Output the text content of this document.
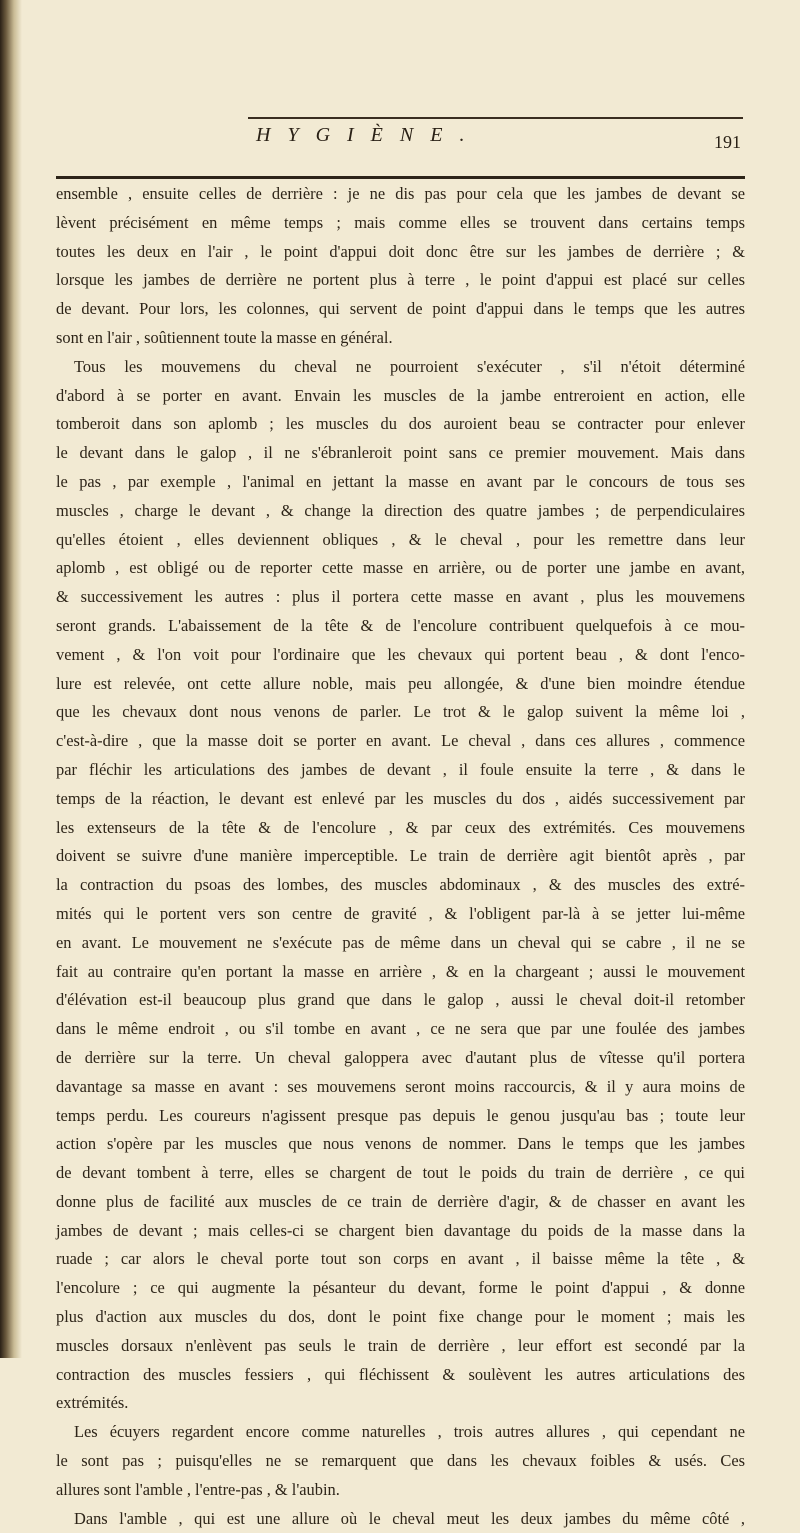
HYGIÈNE.	191
ensemble , ensuite celles de derrière : je ne dis pas pour cela que les jambes de devant se
lèvent précisément en même temps ; mais comme elles se trouvent dans certains temps
toutes les deux en l'air , le point d'appui doit donc être sur les jambes de derrière ; &
lorsque les jambes de derrière ne portent plus à terre , le point d'appui est placé sur celles
de devant. Pour lors, les colonnes, qui servent de point d'appui dans le temps que les autres
sont en l'air , soûtiennent toute la masse en général.
Tous les mouvemens du cheval ne pourroient s'exécuter , s'il n'étoit déterminé
d'abord à se porter en avant. Envain les muscles de la jambe entreroient en action, elle
tomberoit dans son aplomb ; les muscles du dos auroient beau se contracter pour enlever
le devant dans le galop , il ne s'ébranleroit point sans ce premier mouvement. Mais dans
le pas , par exemple , l'animal en jettant la masse en avant par le concours de tous ses
muscles , charge le devant , & change la direction des quatre jambes ; de perpendiculaires
qu'elles étoient , elles deviennent obliques , & le cheval , pour les remettre dans leur
aplomb , est obligé ou de reporter cette masse en arrière, ou de porter une jambe en avant,
& successivement les autres : plus il portera cette masse en avant , plus les mouvemens
seront grands. L'abaissement de la tête & de l'encolure contribuent quelquefois à ce mou-
vement , & l'on voit pour l'ordinaire que les chevaux qui portent beau , & dont l'enco-
lure est relevée, ont cette allure noble, mais peu allongée, & d'une bien moindre étendue
que les chevaux dont nous venons de parler. Le trot & le galop suivent la même loi ,
c'est-à-dire , que la masse doit se porter en avant. Le cheval , dans ces allures , commence
par fléchir les articulations des jambes de devant , il foule ensuite la terre , & dans le
temps de la réaction, le devant est enlevé par les muscles du dos , aidés successivement par
les extenseurs de la tête & de l'encolure , & par ceux des extrémités. Ces mouvemens
doivent se suivre d'une manière imperceptible. Le train de derrière agit bientôt après , par
la contraction du psoas des lombes, des muscles abdominaux , & des muscles des extré-
mités qui le portent vers son centre de gravité , & l'obligent par-là à se jetter lui-même
en avant. Le mouvement ne s'exécute pas de même dans un cheval qui se cabre , il ne se
fait au contraire qu'en portant la masse en arrière , & en la chargeant ; aussi le mouvement
d'élévation est-il beaucoup plus grand que dans le galop , aussi le cheval doit-il retomber
dans le même endroit , ou s'il tombe en avant , ce ne sera que par une foulée des jambes
de derrière sur la terre. Un cheval galoppera avec d'autant plus de vîtesse qu'il portera
davantage sa masse en avant : ses mouvemens seront moins raccourcis, & il y aura moins de
temps perdu. Les coureurs n'agissent presque pas depuis le genou jusqu'au bas ; toute leur
action s'opère par les muscles que nous venons de nommer. Dans le temps que les jambes
de devant tombent à terre, elles se chargent de tout le poids du train de derrière , ce qui
donne plus de facilité aux muscles de ce train de derrière d'agir, & de chasser en avant les
jambes de devant ; mais celles-ci se chargent bien davantage du poids de la masse dans la
ruade ; car alors le cheval porte tout son corps en avant , il baisse même la tête , &
l'encolure ; ce qui augmente la pésanteur du devant, forme le point d'appui , & donne
plus d'action aux muscles du dos, dont le point fixe change pour le moment ; mais les
muscles dorsaux n'enlèvent pas seuls le train de derrière , leur effort est secondé par la
contraction des muscles fessiers , qui fléchissent & soulèvent les autres articulations des
extrémités.
Les écuyers regardent encore comme naturelles , trois autres allures , qui cependant ne
le sont pas ; puisqu'elles ne se remarquent que dans les chevaux foibles & usés. Ces
allures sont l'amble , l'entre-pas , & l'aubin.
Dans l'amble , qui est une allure où le cheval meut les deux jambes du même côté ,
